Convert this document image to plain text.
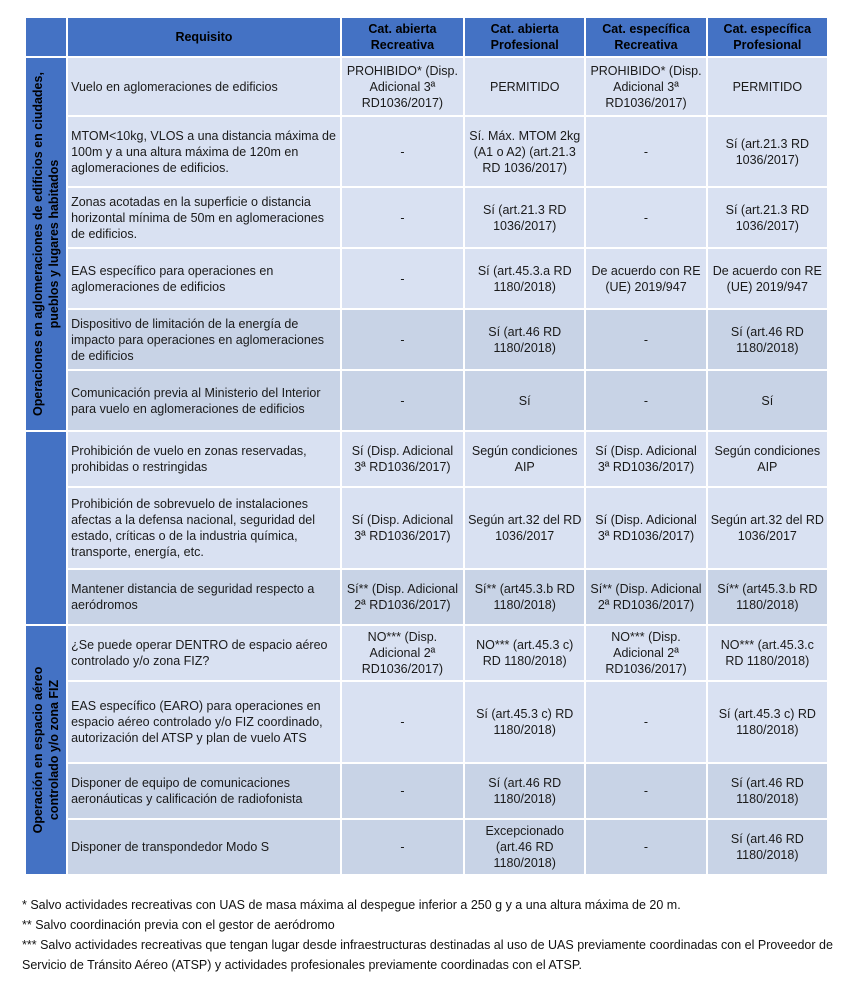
	Requisito	Cat. abierta Recreativa	Cat. abierta Profesional	Cat. específica Recreativa	Cat. específica Profesional

Operaciones en aglomeraciones de edificios en ciudades, pueblos y lugares habitados	Vuelo en aglomeraciones de edificios	PROHIBIDO* (Disp. Adicional 3ª RD1036/2017)	PERMITIDO	PROHIBIDO* (Disp. Adicional 3ª RD1036/2017)	PERMITIDO
	MTOM<10kg, VLOS a una distancia máxima de 100m y a una altura máxima de 120m en aglomeraciones de edificios.	-	Sí. Máx. MTOM 2kg (A1 o A2) (art.21.3 RD 1036/2017)	-	Sí (art.21.3 RD 1036/2017)
	Zonas acotadas en la superficie o distancia horizontal mínima de 50m en aglomeraciones de edificios.	-	Sí (art.21.3 RD 1036/2017)	-	Sí (art.21.3 RD 1036/2017)
	EAS específico para operaciones en aglomeraciones de edificios	-	Sí (art.45.3.a RD 1180/2018)	De acuerdo con RE (UE) 2019/947	De acuerdo con RE (UE) 2019/947
	Dispositivo de limitación de la energía de impacto para operaciones en aglomeraciones de edificios	-	Sí (art.46 RD 1180/2018)	-	Sí (art.46 RD 1180/2018)
	Comunicación previa al Ministerio del Interior para vuelo en aglomeraciones de edificios	-	Sí	-	Sí

	Prohibición de vuelo en zonas reservadas, prohibidas o restringidas	Sí (Disp. Adicional 3ª RD1036/2017)	Según condiciones AIP	Sí (Disp. Adicional 3ª RD1036/2017)	Según condiciones AIP
	Prohibición de sobrevuelo de instalaciones afectas a la defensa nacional, seguridad del estado, críticas o de la industria química, transporte, energía, etc.	Sí (Disp. Adicional 3ª RD1036/2017)	Según art.32 del RD 1036/2017	Sí (Disp. Adicional 3ª RD1036/2017)	Según art.32 del RD 1036/2017
	Mantener distancia de seguridad respecto a aeródromos	Sí** (Disp. Adicional 2ª RD1036/2017)	Sí** (art45.3.b RD 1180/2018)	Sí** (Disp. Adicional 2ª RD1036/2017)	Sí** (art45.3.b RD 1180/2018)

Operación en espacio aéreo controlado y/o zona FIZ	¿Se puede operar DENTRO de espacio aéreo controlado y/o zona FIZ?	NO*** (Disp. Adicional 2ª RD1036/2017)	NO*** (art.45.3 c) RD 1180/2018)	NO*** (Disp. Adicional 2ª RD1036/2017)	NO*** (art.45.3.c RD 1180/2018)
	EAS específico (EARO) para operaciones en espacio aéreo controlado y/o FIZ coordinado, autorización del ATSP y plan de vuelo ATS	-	Sí (art.45.3 c) RD 1180/2018)	-	Sí (art.45.3 c) RD 1180/2018)
	Disponer de equipo de comunicaciones aeronáuticas y calificación de radiofonista	-	Sí (art.46 RD 1180/2018)	-	Sí (art.46 RD 1180/2018)
	Disponer de transpondedor Modo S	-	Excepcionado (art.46 RD 1180/2018)	-	Sí (art.46 RD 1180/2018)

* Salvo actividades recreativas con UAS de masa máxima al despegue inferior a 250 g y a una altura máxima de 20 m.

** Salvo coordinación previa con el gestor de aeródromo

*** Salvo actividades recreativas que tengan lugar desde infraestructuras destinadas al uso de UAS previamente coordinadas con el Proveedor de Servicio de Tránsito Aéreo (ATSP) y actividades profesionales previamente coordinadas con el ATSP.
